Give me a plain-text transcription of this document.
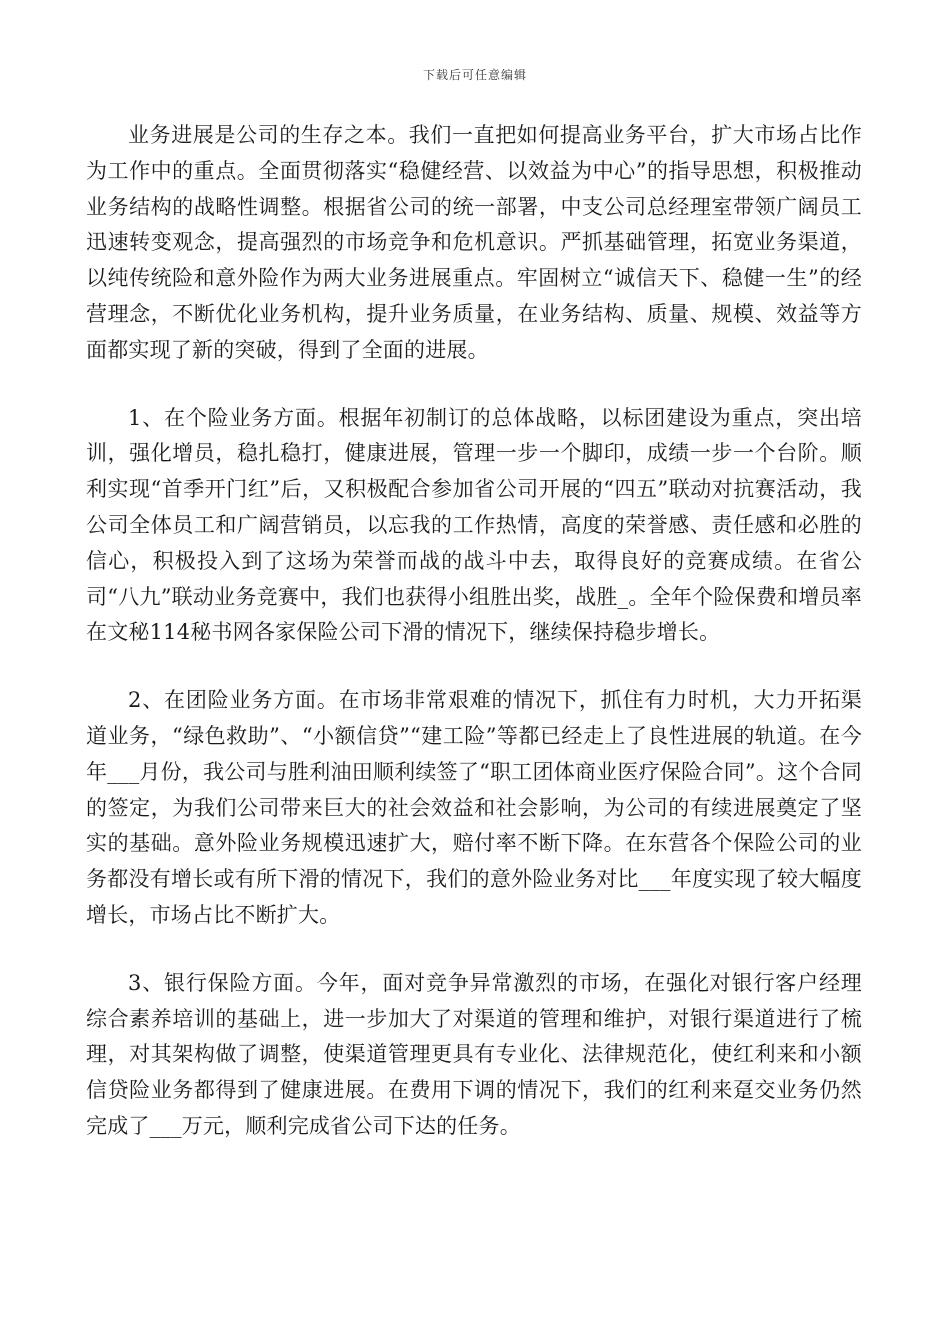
下载后可任意编辑

业务进展是公司的生存之本。我们一直把如何提高业务平台，扩大市场占比作为工作中的重点。全面贯彻落实“稳健经营、以效益为中心”的指导思想，积极推动业务结构的战略性调整。根据省公司的统一部署，中支公司总经理室带领广阔员工迅速转变观念，提高强烈的市场竞争和危机意识。严抓基础管理，拓宽业务渠道，以纯传统险和意外险作为两大业务进展重点。牢固树立“诚信天下、稳健一生”的经营理念，不断优化业务机构，提升业务质量，在业务结构、质量、规模、效益等方面都实现了新的突破，得到了全面的进展。

1、在个险业务方面。根据年初制订的总体战略，以标团建设为重点，突出培训，强化增员，稳扎稳打，健康进展，管理一步一个脚印，成绩一步一个台阶。顺利实现“首季开门红”后，又积极配合参加省公司开展的“四五”联动对抗赛活动，我公司全体员工和广阔营销员，以忘我的工作热情，高度的荣誉感、责任感和必胜的信心，积极投入到了这场为荣誉而战的战斗中去，取得良好的竞赛成绩。在省公司“八九”联动业务竞赛中，我们也获得小组胜出奖，战胜_。全年个险保费和增员率在文秘114秘书网各家保险公司下滑的情况下，继续保持稳步增长。

2、在团险业务方面。在市场非常艰难的情况下，抓住有力时机，大力开拓渠道业务，“绿色救助”、“小额信贷”“建工险”等都已经走上了良性进展的轨道。在今年___月份，我公司与胜利油田顺利续签了“职工团体商业医疗保险合同”。这个合同的签定，为我们公司带来巨大的社会效益和社会影响，为公司的有续进展奠定了坚实的基础。意外险业务规模迅速扩大，赔付率不断下降。在东营各个保险公司的业务都没有增长或有所下滑的情况下，我们的意外险业务对比___年度实现了较大幅度增长，市场占比不断扩大。

3、银行保险方面。今年，面对竞争异常激烈的市场，在强化对银行客户经理综合素养培训的基础上，进一步加大了对渠道的管理和维护，对银行渠道进行了梳理，对其架构做了调整，使渠道管理更具有专业化、法律规范化，使红利来和小额信贷险业务都得到了健康进展。在费用下调的情况下，我们的红利来趸交业务仍然完成了___万元，顺利完成省公司下达的任务。
